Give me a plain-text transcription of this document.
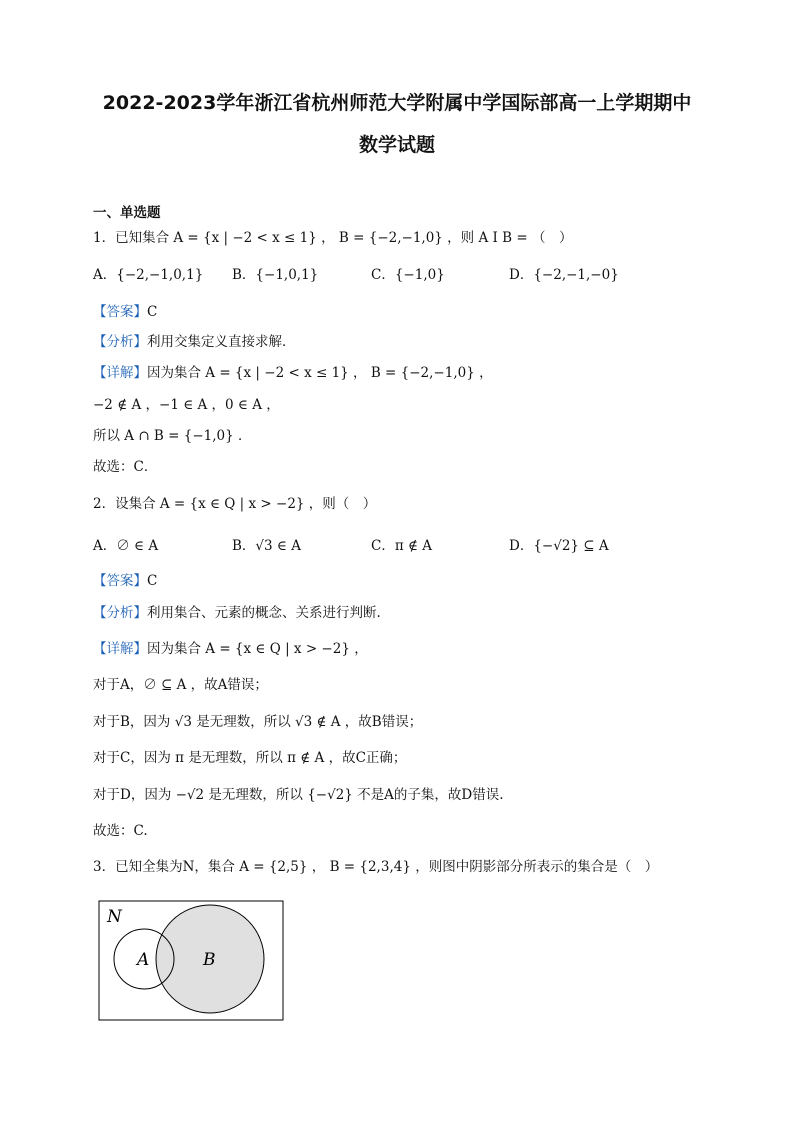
2022-2023学年浙江省杭州师范大学附属中学国际部高一上学期期中
数学试题
一、单选题
1．已知集合 A = {x | −2 < x ≤ 1} ， B = {−2,−1,0} ，则 A I B = （　）
A．{−2,−1,0,1} B．{−1,0,1}	C．{−1,0}	D．{−2,−1,−0}
【答案】C
【分析】利用交集定义直接求解．
【详解】因为集合 A = {x | −2 < x ≤ 1} ， B = {−2,−1,0} ，
−2 ∉ A ，−1 ∈ A ，0 ∈ A ，
所以 A ∩ B = {−1,0} ．
故选：C．
2．设集合 A = {x ∈ Q | x > −2} ，则（　）
A．∅ ∈ A	B．√3 ∈ A	C．π ∉ A	D．{−√2} ⊆ A
【答案】C
【分析】利用集合、元素的概念、关系进行判断.
【详解】因为集合 A = {x ∈ Q | x > −2} ，
对于A，∅ ⊆ A ，故A错误；
对于B，因为 √3 是无理数，所以 √3 ∉ A ，故B错误；
对于C，因为 π 是无理数，所以 π ∉ A ，故C正确；
对于D，因为 −√2 是无理数，所以 {−√2} 不是A的子集，故D错误.
故选：C.
3．已知全集为N，集合 A = {2,5} ， B = {2,3,4} ，则图中阴影部分所表示的集合是（　）
N
A	B
